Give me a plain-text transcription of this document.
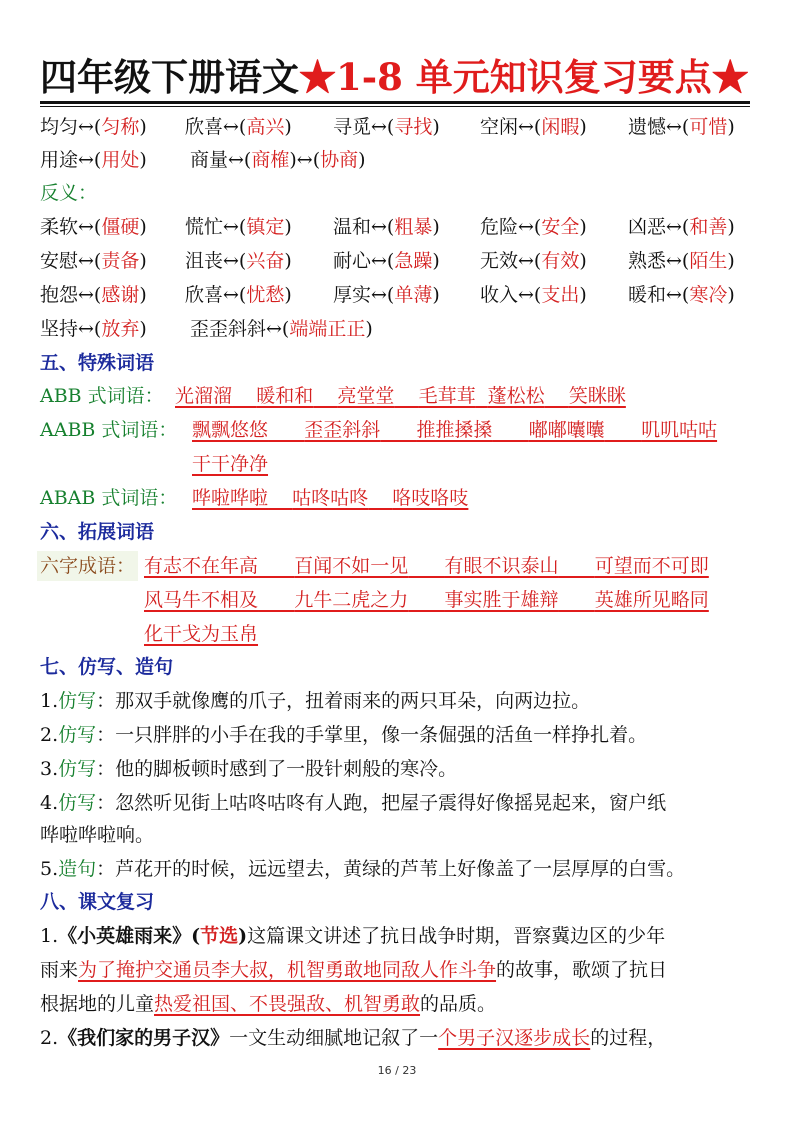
四年级下册语文★1-8 单元知识复习要点★
均匀↔(匀称) 欣喜↔(高兴) 寻觅↔(寻找) 空闲↔(闲暇) 遗憾↔(可惜)
用途↔(用处) 商量↔(商榷)↔(协商)
反义：
柔软↔(僵硬) 慌忙↔(镇定) 温和↔(粗暴) 危险↔(安全) 凶恶↔(和善)
安慰↔(责备) 沮丧↔(兴奋) 耐心↔(急躁) 无效↔(有效) 熟悉↔(陌生)
抱怨↔(感谢) 欣喜↔(忧愁) 厚实↔(单薄) 收入↔(支出) 暖和↔(寒冷)
坚持↔(放弃) 歪歪斜斜↔(端端正正)
五、特殊词语
ABB 式词语： 光溜溜 暖和和 亮堂堂 毛茸茸 蓬松松 笑眯眯
AABB 式词语： 飘飘悠悠 歪歪斜斜 推推搡搡 嘟嘟囔囔 叽叽咕咕
干干净净
ABAB 式词语： 哗啦哗啦 咕咚咕咚 咯吱咯吱
六、拓展词语
六字成语： 有志不在年高 百闻不如一见 有眼不识泰山 可望而不可即
风马牛不相及 九牛二虎之力 事实胜于雄辩 英雄所见略同
化干戈为玉帛
七、仿写、造句
1.仿写：那双手就像鹰的爪子，扭着雨来的两只耳朵，向两边拉。
2.仿写：一只胖胖的小手在我的手掌里，像一条倔强的活鱼一样挣扎着。
3.仿写：他的脚板顿时感到了一股针刺般的寒冷。
4.仿写：忽然听见街上咕咚咕咚有人跑，把屋子震得好像摇晃起来，窗户纸
哗啦哗啦响。
5.造句：芦花开的时候，远远望去，黄绿的芦苇上好像盖了一层厚厚的白雪。
八、课文复习
1.《小英雄雨来》(节选)这篇课文讲述了抗日战争时期，晋察冀边区的少年
雨来为了掩护交通员李大叔，机智勇敢地同敌人作斗争的故事，歌颂了抗日
根据地的儿童热爱祖国、不畏强敌、机智勇敢的品质。
2.《我们家的男子汉》一文生动细腻地记叙了一个男子汉逐步成长的过程，
16 / 23
